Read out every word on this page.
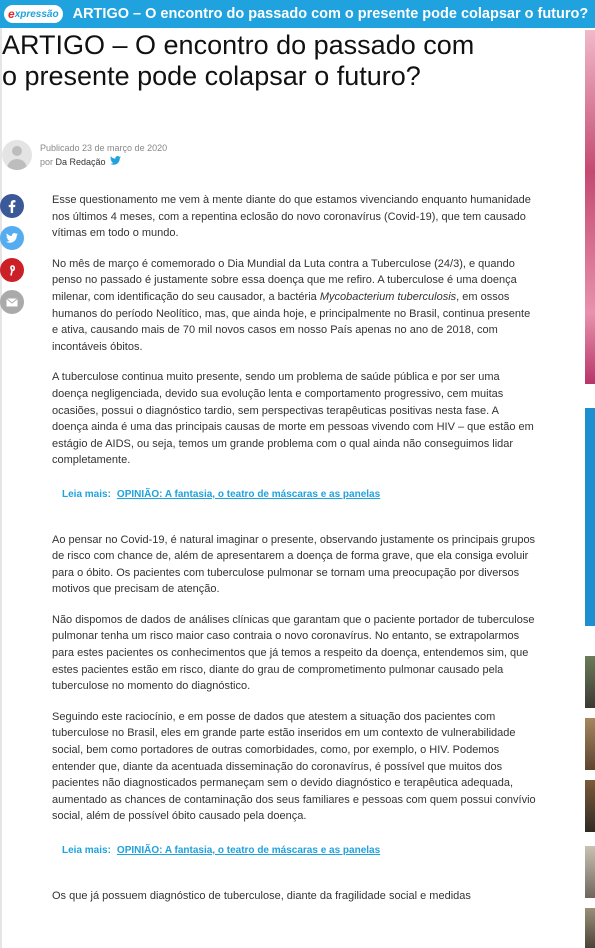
e xpressão ARTIGO – O encontro do passado com o presente pode colapsar o futuro?
ARTIGO – O encontro do passado com o presente pode colapsar o futuro?
Publicado 23 de março de 2020
por Da Redação

Esse questionamento me vem à mente diante do que estamos vivenciando enquanto humanidade nos últimos 4 meses, com a repentina eclosão do novo coronavírus (Covid-19), que tem causado vítimas em todo o mundo.

No mês de março é comemorado o Dia Mundial da Luta contra a Tuberculose (24/3), e quando penso no passado é justamente sobre essa doença que me refiro. A tuberculose é uma doença milenar, com identificação do seu causador, a bactéria Mycobacterium tuberculosis, em ossos humanos do período Neolítico, mas, que ainda hoje, e principalmente no Brasil, continua presente e ativa, causando mais de 70 mil novos casos em nosso País apenas no ano de 2018, com incontáveis óbitos.

A tuberculose continua muito presente, sendo um problema de saúde pública e por ser uma doença negligenciada, devido sua evolução lenta e comportamento progressivo, cem muitas ocasiões, possui o diagnóstico tardio, sem perspectivas terapêuticas positivas nesta fase. A doença ainda é uma das principais causas de morte em pessoas vivendo com HIV – que estão em estágio de AIDS, ou seja, temos um grande problema com o qual ainda não conseguimos lidar completamente.

Leia mais: OPINIÃO: A fantasia, o teatro de máscaras e as panelas

Ao pensar no Covid-19, é natural imaginar o presente, observando justamente os principais grupos de risco com chance de, além de apresentarem a doença de forma grave, que ela consiga evoluir para o óbito. Os pacientes com tuberculose pulmonar se tornam uma preocupação por diversos motivos que precisam de atenção.

Não dispomos de dados de análises clínicas que garantam que o paciente portador de tuberculose pulmonar tenha um risco maior caso contraia o novo coronavírus. No entanto, se extrapolarmos para estes pacientes os conhecimentos que já temos a respeito da doença, entendemos sim, que estes pacientes estão em risco, diante do grau de comprometimento pulmonar causado pela tuberculose no momento do diagnóstico.

Seguindo este raciocínio, e em posse de dados que atestem a situação dos pacientes com tuberculose no Brasil, eles em grande parte estão inseridos em um contexto de vulnerabilidade social, bem como portadores de outras comorbidades, como, por exemplo, o HIV. Podemos entender que, diante da acentuada disseminação do coronavírus, é possível que muitos dos pacientes não diagnosticados permaneçam sem o devido diagnóstico e terapêutica adequada, aumentado as chances de contaminação dos seus familiares e pessoas com quem possui convívio social, além de possível óbito causado pela doença.

Leia mais: OPINIÃO: A fantasia, o teatro de máscaras e as panelas

Os que já possuem diagnóstico de tuberculose, diante da fragilidade social e medidas
